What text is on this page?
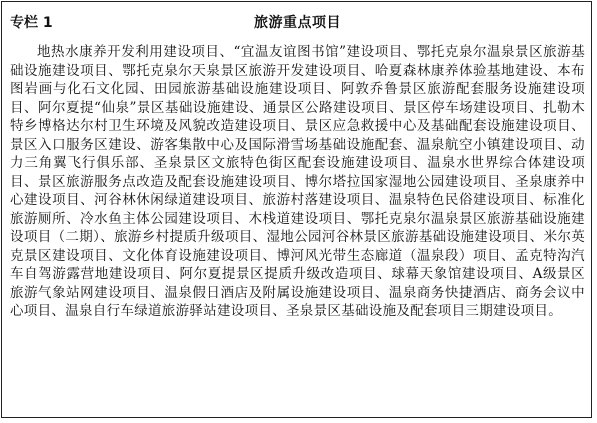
专栏 1	旅游重点项目

地热水康养开发利用建设项目、“宜温友谊图书馆”建设项目、鄂托克泉尔温泉景区旅游基础设施建设项目、鄂托克泉尔天泉景区旅游开发建设项目、哈夏森林康养体验基地建设、本布图岩画与化石文化园、田园旅游基础设施建设项目、阿敦乔鲁景区旅游配套服务设施建设项目、阿尔夏提“仙泉”景区基础设施建设、通景区公路建设项目、景区停车场建设项目、扎勒木特乡博格达尔村卫生环境及风貌改造建设项目、景区应急救援中心及基础配套设施建设项目、景区入口服务区建设、游客集散中心及国际滑雪场基础设施配套、温泉航空小镇建设项目、动力三角翼飞行俱乐部、圣泉景区文旅特色街区配套设施建设项目、温泉水世界综合体建设项目、景区旅游服务点改造及配套设施建设项目、博尔塔拉国家湿地公园建设项目、圣泉康养中心建设项目、河谷林休闲绿道建设项目、旅游村落建设项目、温泉特色民俗建设项目、标准化旅游厕所、冷水鱼主体公园建设项目、木栈道建设项目、鄂托克泉尔温泉景区旅游基础设施建设项目（二期）、旅游乡村提质升级项目、湿地公园河谷林景区旅游基础设施建设项目、米尔英克景区建设项目、文化体育设施建设项目、博河风光带生态廊道（温泉段）项目、孟克特沟汽车自驾游露营地建设项目、阿尔夏提景区提质升级改造项目、球幕天象馆建设项目、A级景区旅游气象站网建设项目、温泉假日酒店及附属设施建设项目、温泉商务快捷酒店、商务会议中心项目、温泉自行车绿道旅游驿站建设项目、圣泉景区基础设施及配套项目三期建设项目。
